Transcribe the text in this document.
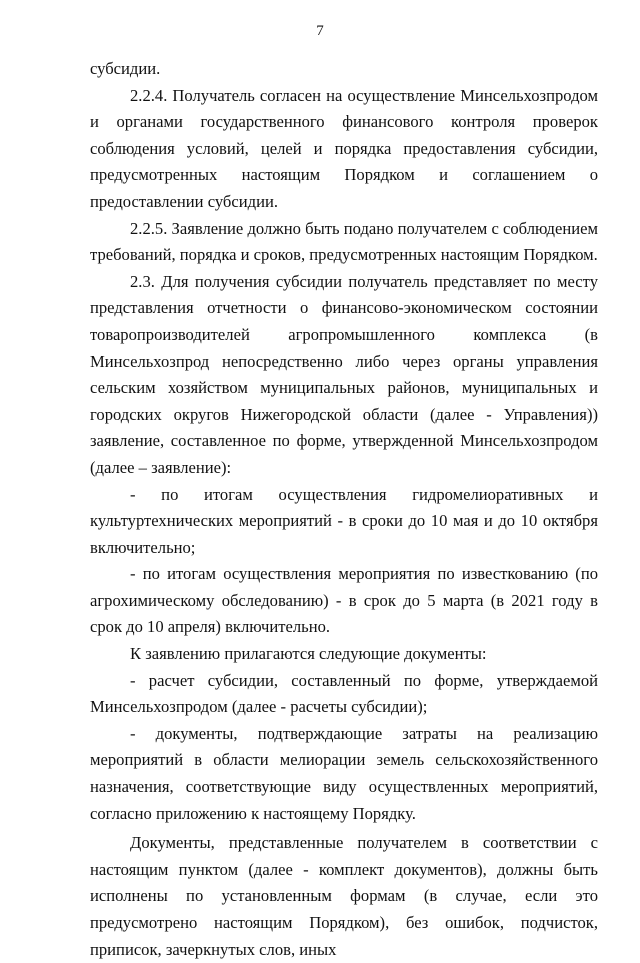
7

субсидии.

2.2.4. Получатель согласен на осуществление Минсельхозпродом и органами государственного финансового контроля проверок соблюдения условий, целей и порядка предоставления субсидии, предусмотренных настоящим Порядком и соглашением о предоставлении субсидии.

2.2.5. Заявление должно быть подано получателем с соблюдением требований, порядка и сроков, предусмотренных настоящим Порядком.

2.3. Для получения субсидии получатель представляет по месту представления отчетности о финансово-экономическом состоянии товаропроизводителей агропромышленного комплекса (в Минсельхозпрод непосредственно либо через органы управления сельским хозяйством муниципальных районов, муниципальных и городских округов Нижегородской области (далее - Управления)) заявление, составленное по форме, утвержденной Минсельхозпродом (далее – заявление):

- по итогам осуществления гидромелиоративных и культуртехнических мероприятий - в сроки до 10 мая и до 10 октября включительно;

- по итогам осуществления мероприятия по известкованию (по агрохимическому обследованию) - в срок до 5 марта (в 2021 году в срок до 10 апреля) включительно.

К заявлению прилагаются следующие документы:

- расчет субсидии, составленный по форме, утверждаемой Минсельхозпродом (далее - расчеты субсидии);

- документы, подтверждающие затраты на реализацию мероприятий в области мелиорации земель сельскохозяйственного назначения, соответствующие виду осуществленных мероприятий, согласно приложению к настоящему Порядку.

Документы, представленные получателем в соответствии с настоящим пунктом (далее - комплект документов), должны быть исполнены по установленным формам (в случае, если это предусмотрено настоящим Порядком), без ошибок, подчисток, приписок, зачеркнутых слов, иных
